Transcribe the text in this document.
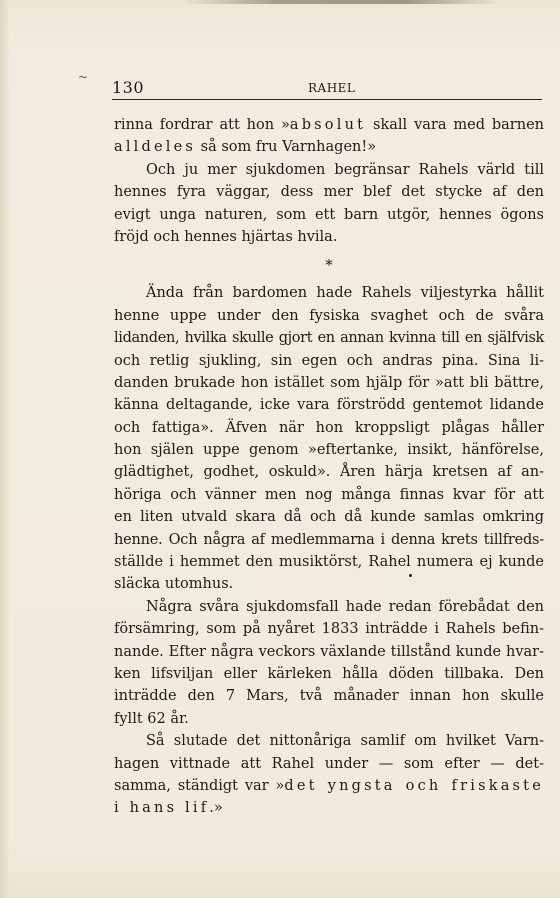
~
130	RAHEL
rinna fordrar att hon »absolut skall vara med barnen
alldeles så som fru Varnhagen!»
Och ju mer sjukdomen begränsar Rahels värld till
hennes fyra väggar, dess mer blef det stycke af den
evigt unga naturen, som ett barn utgör, hennes ögons
fröjd och hennes hjärtas hvila.
*
Ända från bardomen hade Rahels viljestyrka hållit
henne uppe under den fysiska svaghet och de svåra
lidanden, hvilka skulle gjort en annan kvinna till en själfvisk
och retlig sjukling, sin egen och andras pina. Sina li-
danden brukade hon istället som hjälp för »att bli bättre,
känna deltagande, icke vara förströdd gentemot lidande
och fattiga». Äfven när hon kroppsligt plågas håller
hon själen uppe genom »eftertanke, insikt, hänförelse,
glädtighet, godhet, oskuld». Åren härja kretsen af an-
höriga och vänner men nog många finnas kvar för att
en liten utvald skara då och då kunde samlas omkring
henne. Och några af medlemmarna i denna krets tillfreds-
ställde i hemmet den musiktörst, Rahel numera ej kunde
släcka utomhus.
Några svåra sjukdomsfall hade redan förebådat den
försämring, som på nyåret 1833 inträdde i Rahels befin-
nande. Efter några veckors växlande tillstånd kunde hvar-
ken lifsviljan eller kärleken hålla döden tillbaka. Den
inträdde den 7 Mars, två månader innan hon skulle
fyllt 62 år.
Så slutade det nittonåriga samlif om hvilket Varn-
hagen vittnade att Rahel under — som efter — det-
samma, ständigt var »det yngsta och friskaste
i hans lif.»
